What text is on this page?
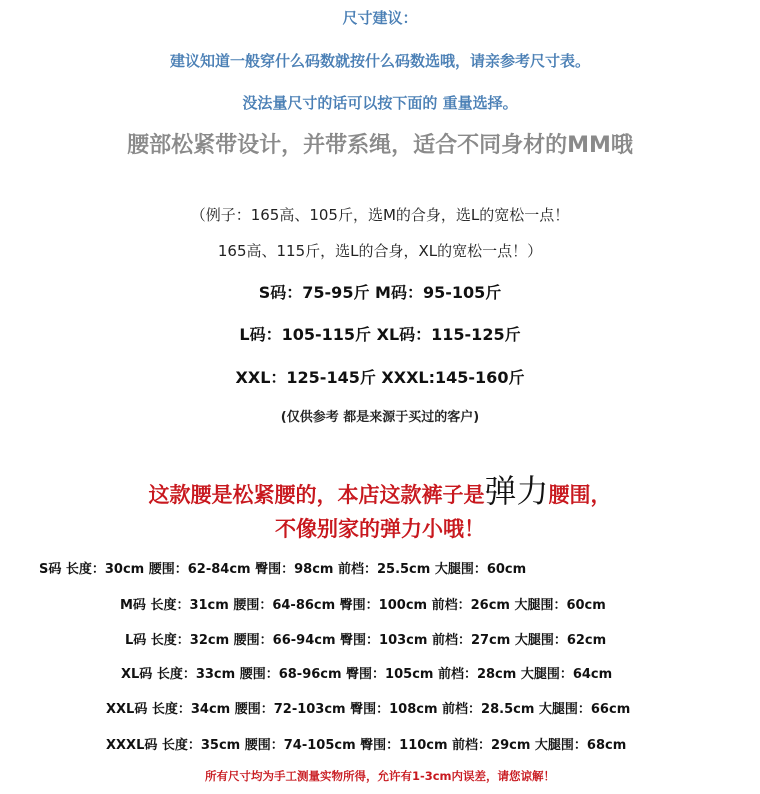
尺寸建议：
建议知道一般穿什么码数就按什么码数选哦，请亲参考尺寸表。
没法量尺寸的话可以按下面的 重量选择。
腰部松紧带设计，并带系绳，适合不同身材的MM哦
（例子：165高、105斤，选M的合身，选L的宽松一点！
165高、115斤，选L的合身，XL的宽松一点！）
S码：75-95斤 M码：95-105斤
L码：105-115斤 XL码：115-125斤
XXL：125-145斤 XXXL:145-160斤
(仅供参考 都是来源于买过的客户)
这款腰是松紧腰的，本店这款裤子是弹力腰围，
不像别家的弹力小哦！
S码 长度：30cm 腰围：62-84cm 臀围：98cm 前档：25.5cm 大腿围：60cm
M码 长度：31cm 腰围：64-86cm 臀围：100cm 前档：26cm 大腿围：60cm
L码 长度：32cm 腰围：66-94cm 臀围：103cm 前档：27cm 大腿围：62cm
XL码 长度：33cm 腰围：68-96cm 臀围：105cm 前档：28cm 大腿围：64cm
XXL码 长度：34cm 腰围：72-103cm 臀围：108cm 前档：28.5cm 大腿围：66cm
XXXL码 长度：35cm 腰围：74-105cm 臀围：110cm 前档：29cm 大腿围：68cm
所有尺寸均为手工测量实物所得，允许有1-3cm内误差，请您谅解！
